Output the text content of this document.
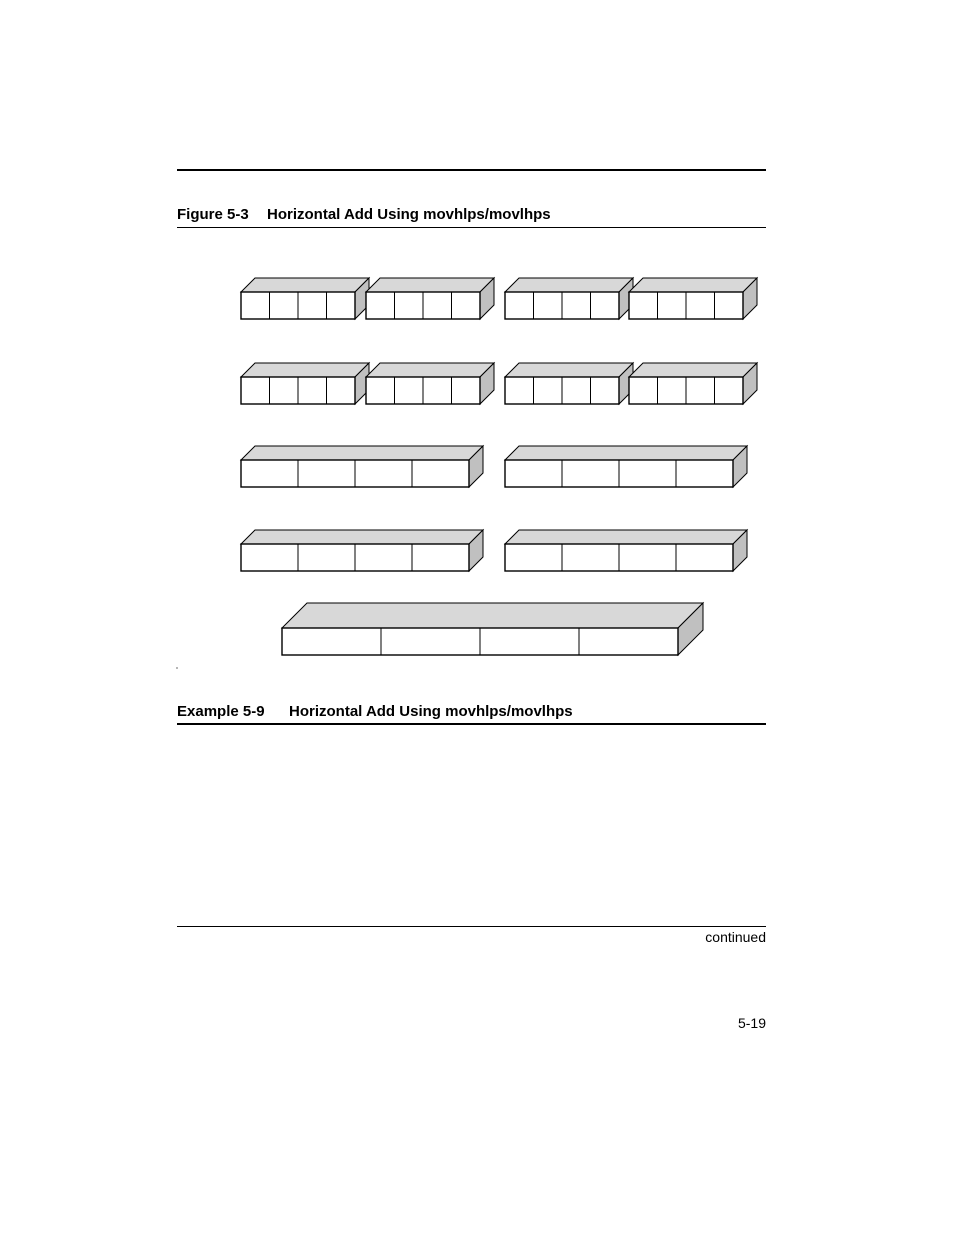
Figure 5-3 Horizontal Add Using movhlps/movlhps
Example 5-9 Horizontal Add Using movhlps/movlhps
continued
5-19
